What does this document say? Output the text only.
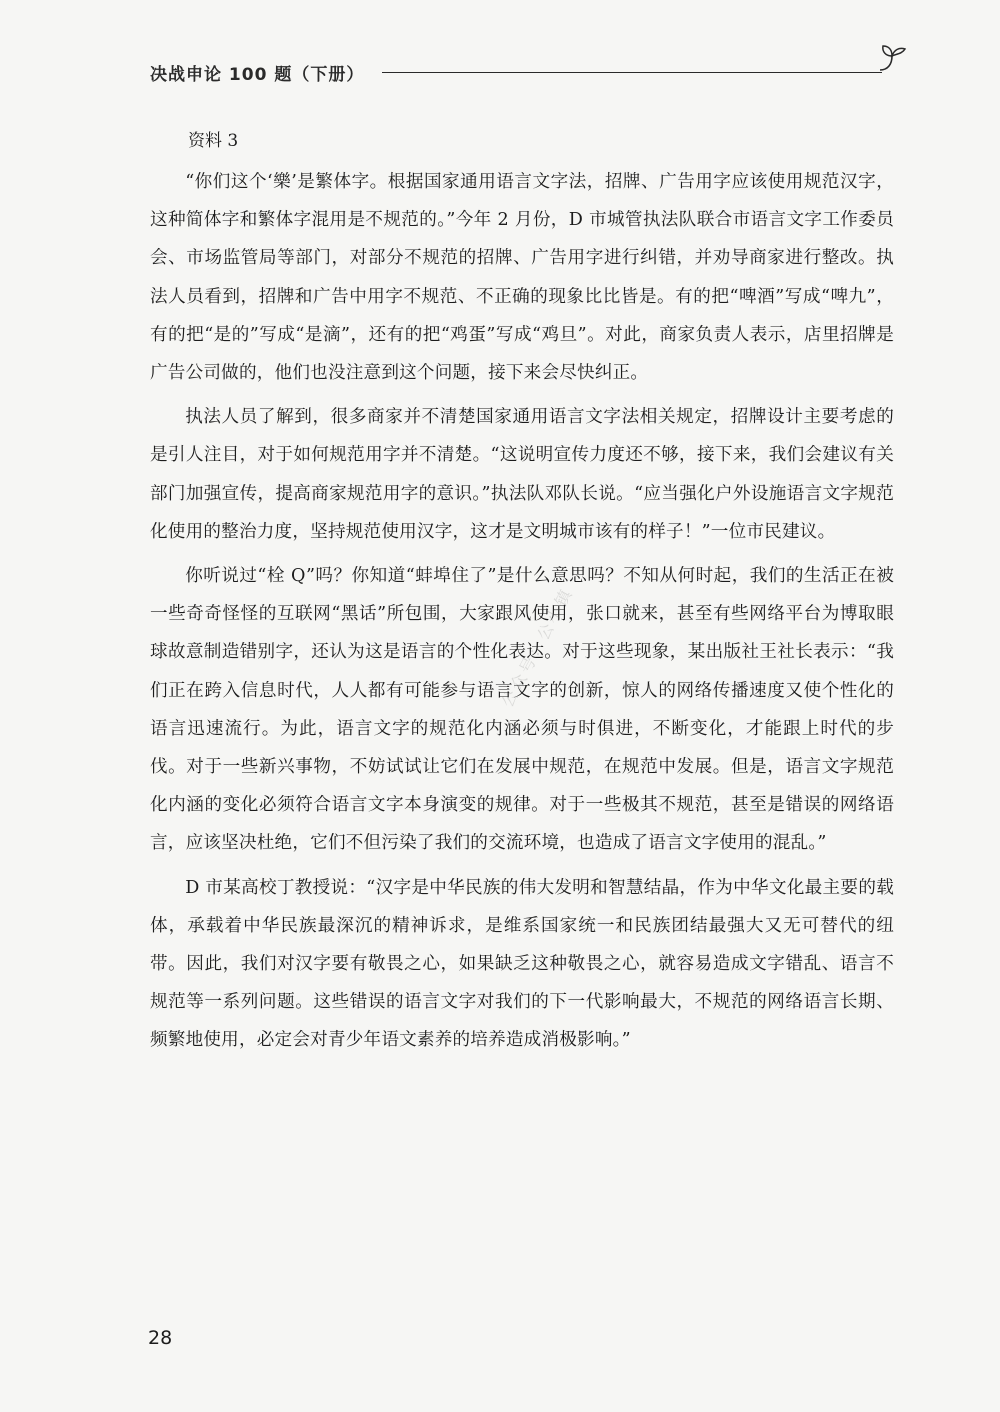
决战申论 100 题（下册）
资料 3

“你们这个‘樂’是繁体字。根据国家通用语言文字法，招牌、广告用字应该使用规范汉字，这种简体字和繁体字混用是不规范的。”今年 2 月份，D 市城管执法队联合市语言文字工作委员会、市场监管局等部门，对部分不规范的招牌、广告用字进行纠错，并劝导商家进行整改。执法人员看到，招牌和广告中用字不规范、不正确的现象比比皆是。有的把“啤酒”写成“啤九”，有的把“是的”写成“是滴”，还有的把“鸡蛋”写成“鸡旦”。对此，商家负责人表示，店里招牌是广告公司做的，他们也没注意到这个问题，接下来会尽快纠正。

执法人员了解到，很多商家并不清楚国家通用语言文字法相关规定，招牌设计主要考虑的是引人注目，对于如何规范用字并不清楚。“这说明宣传力度还不够，接下来，我们会建议有关部门加强宣传，提高商家规范用字的意识。”执法队邓队长说。“应当强化户外设施语言文字规范化使用的整治力度，坚持规范使用汉字，这才是文明城市该有的样子！”一位市民建议。

你听说过“栓 Q”吗？你知道“蚌埠住了”是什么意思吗？不知从何时起，我们的生活正在被一些奇奇怪怪的互联网“黑话”所包围，大家跟风使用，张口就来，甚至有些网络平台为博取眼球故意制造错别字，还认为这是语言的个性化表达。对于这些现象，某出版社王社长表示：“我们正在跨入信息时代，人人都有可能参与语言文字的创新，惊人的网络传播速度又使个性化的语言迅速流行。为此，语言文字的规范化内涵必须与时俱进，不断变化，才能跟上时代的步伐。对于一些新兴事物，不妨试试让它们在发展中规范，在规范中发展。但是，语言文字规范化内涵的变化必须符合语言文字本身演变的规律。对于一些极其不规范，甚至是错误的网络语言，应该坚决杜绝，它们不但污染了我们的交流环境，也造成了语言文字使用的混乱。”

D 市某高校丁教授说：“汉字是中华民族的伟大发明和智慧结晶，作为中华文化最主要的载体，承载着中华民族最深沉的精神诉求，是维系国家统一和民族团结最强大又无可替代的纽带。因此，我们对汉字要有敬畏之心，如果缺乏这种敬畏之心，就容易造成文字错乱、语言不规范等一系列问题。这些错误的语言文字对我们的下一代影响最大，不规范的网络语言长期、频繁地使用，必定会对青少年语文素养的培养造成消极影响。”

公众号：公小镇
28
